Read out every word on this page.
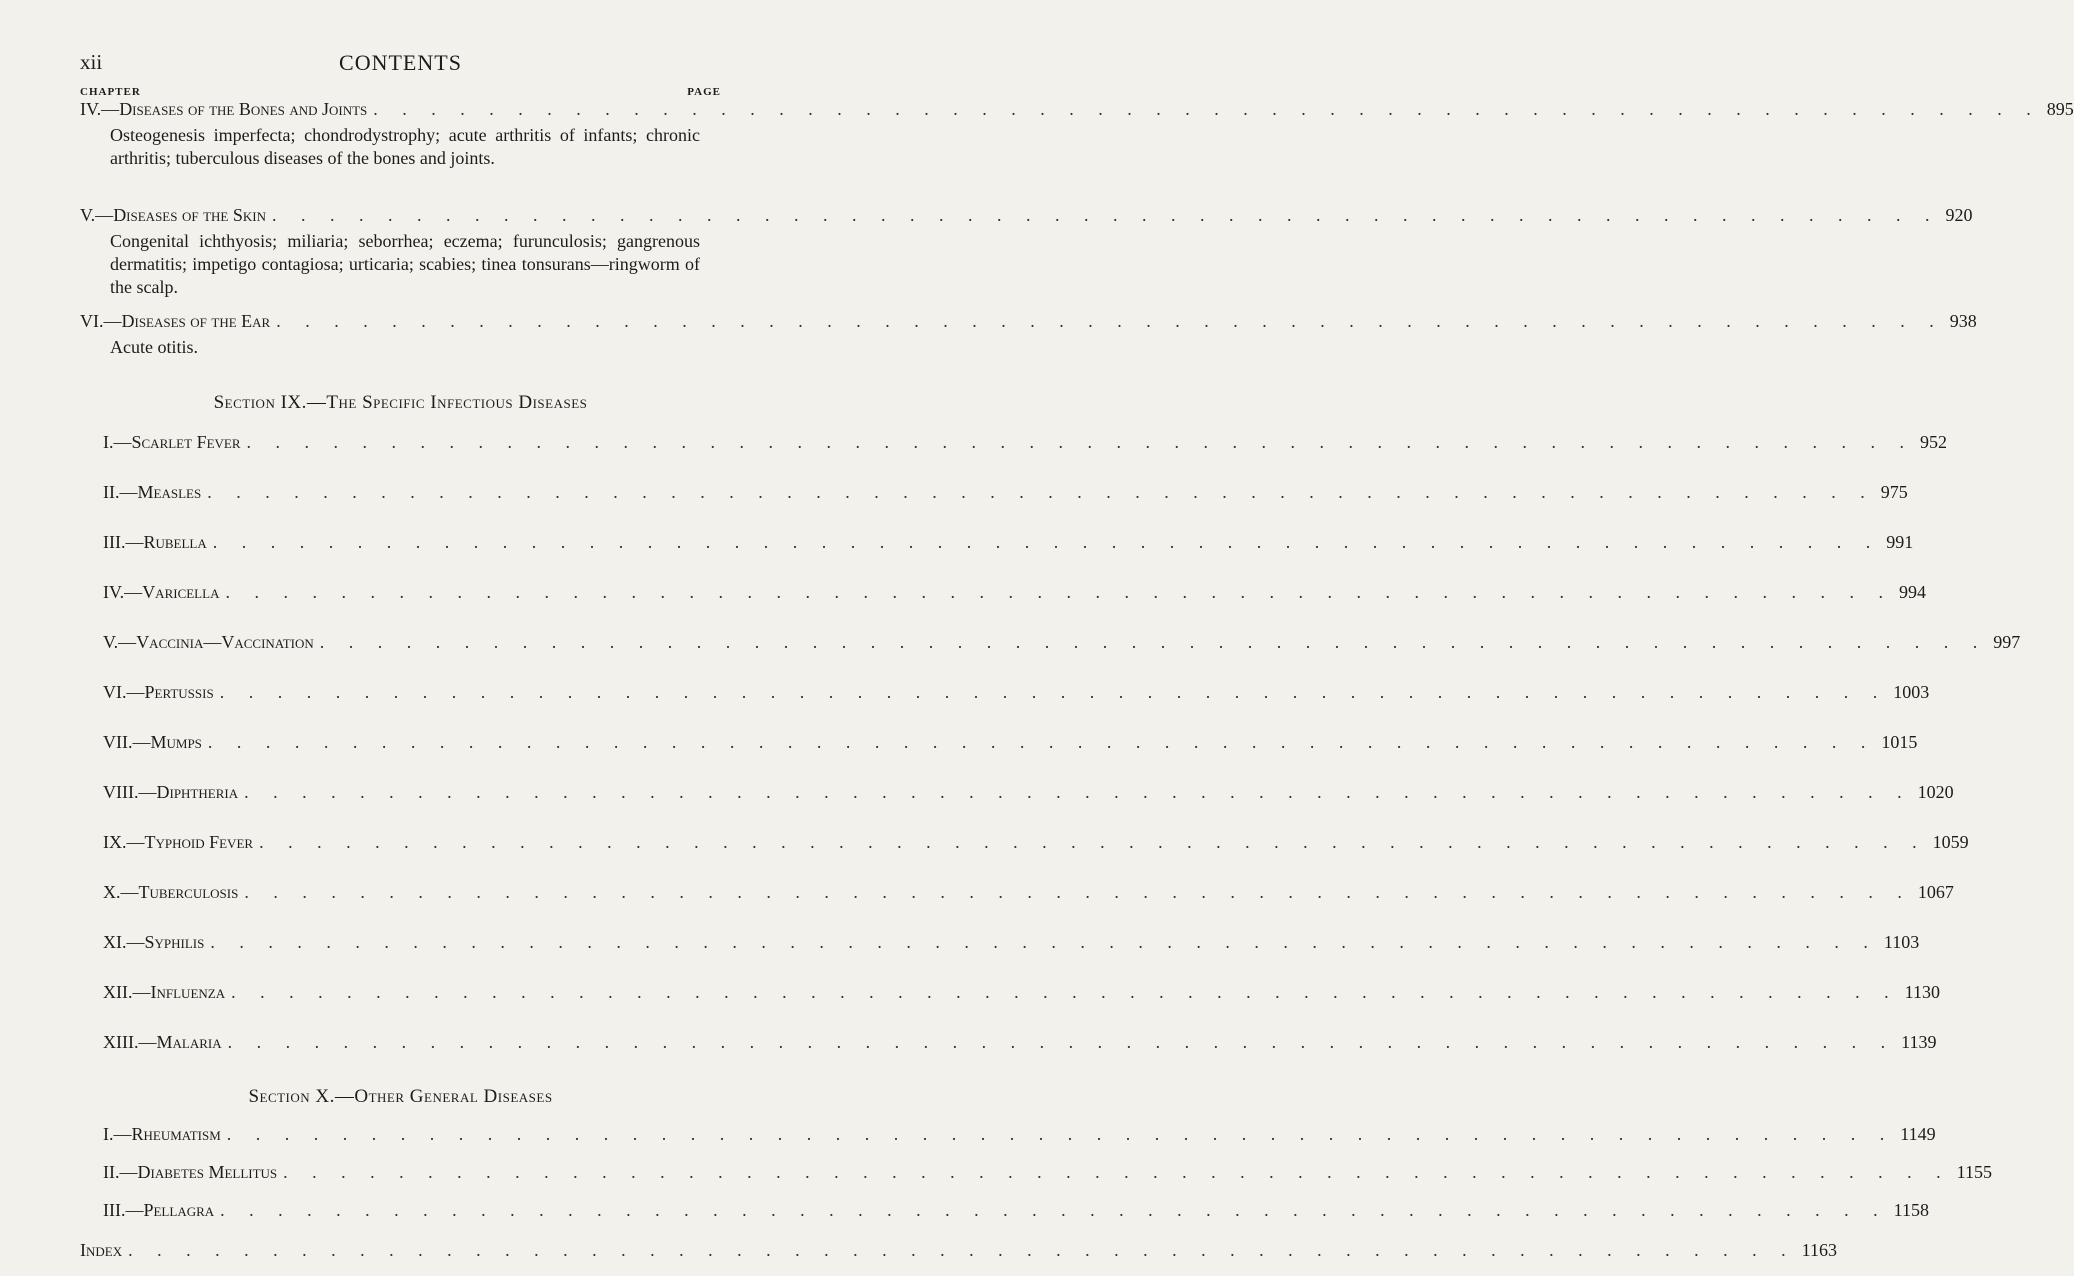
xii	CONTENTS
CHAPTER	PAGE
IV.— Diseases of the Bones and Joints . . . . . . . . . . . . . . . . . . . . . . . . . . . . . . . . . . . . . . . . . . . . . . . . . . . . . . . . . . 895
Osteogenesis imperfecta; chondrodystrophy; acute arthritis of infants; chronic arthritis; tuberculous diseases of the bones and joints.
V.— Diseases of the Skin . . . . . . . . . . . . . . . . . . . . . . . . . . . . . . . . . . . . . . . . . . . . . . . . . . . . . . . . . . 920
Congenital ichthyosis; miliaria; seborrhea; eczema; furunculosis; gangrenous dermatitis; impetigo contagiosa; urticaria; scabies; tinea tonsurans—ringworm of the scalp.
VI.— Diseases of the Ear . . . . . . . . . . . . . . . . . . . . . . . . . . . . . . . . . . . . . . . . . . . . . . . . . . . . . . . . . . 938
Acute otitis.
Section IX.—The Specific Infectious Diseases
I.— Scarlet Fever . . . . . . . . . . . . . . . . . . . . . . . . . . . . . . . . . . . . . . . . . . . . . . . . . . . . . . . . . . 952
II.— Measles . . . . . . . . . . . . . . . . . . . . . . . . . . . . . . . . . . . . . . . . . . . . . . . . . . . . . . . . . . 975
III.— Rubella . . . . . . . . . . . . . . . . . . . . . . . . . . . . . . . . . . . . . . . . . . . . . . . . . . . . . . . . . . 991
IV.— Varicella . . . . . . . . . . . . . . . . . . . . . . . . . . . . . . . . . . . . . . . . . . . . . . . . . . . . . . . . . . 994
V.— Vaccinia—Vaccination . . . . . . . . . . . . . . . . . . . . . . . . . . . . . . . . . . . . . . . . . . . . . . . . . . . . . . . . . . 997
VI.— Pertussis . . . . . . . . . . . . . . . . . . . . . . . . . . . . . . . . . . . . . . . . . . . . . . . . . . . . . . . . . . 1003
VII.— Mumps . . . . . . . . . . . . . . . . . . . . . . . . . . . . . . . . . . . . . . . . . . . . . . . . . . . . . . . . . . 1015
VIII.— Diphtheria . . . . . . . . . . . . . . . . . . . . . . . . . . . . . . . . . . . . . . . . . . . . . . . . . . . . . . . . . . 1020
IX.— Typhoid Fever . . . . . . . . . . . . . . . . . . . . . . . . . . . . . . . . . . . . . . . . . . . . . . . . . . . . . . . . . . 1059
X.— Tuberculosis . . . . . . . . . . . . . . . . . . . . . . . . . . . . . . . . . . . . . . . . . . . . . . . . . . . . . . . . . . 1067
XI.— Syphilis . . . . . . . . . . . . . . . . . . . . . . . . . . . . . . . . . . . . . . . . . . . . . . . . . . . . . . . . . . 1103
XII.— Influenza . . . . . . . . . . . . . . . . . . . . . . . . . . . . . . . . . . . . . . . . . . . . . . . . . . . . . . . . . . 1130
XIII.— Malaria . . . . . . . . . . . . . . . . . . . . . . . . . . . . . . . . . . . . . . . . . . . . . . . . . . . . . . . . . . 1139
Section X.—Other General Diseases
I.— Rheumatism . . . . . . . . . . . . . . . . . . . . . . . . . . . . . . . . . . . . . . . . . . . . . . . . . . . . . . . . . . 1149
II.— Diabetes Mellitus . . . . . . . . . . . . . . . . . . . . . . . . . . . . . . . . . . . . . . . . . . . . . . . . . . . . . . . . . . 1155
III.— Pellagra . . . . . . . . . . . . . . . . . . . . . . . . . . . . . . . . . . . . . . . . . . . . . . . . . . . . . . . . . . 1158
Index . . . . . . . . . . . . . . . . . . . . . . . . . . . . . . . . . . . . . . . . . . . . . . . . . . . . . . . . . . 1163
